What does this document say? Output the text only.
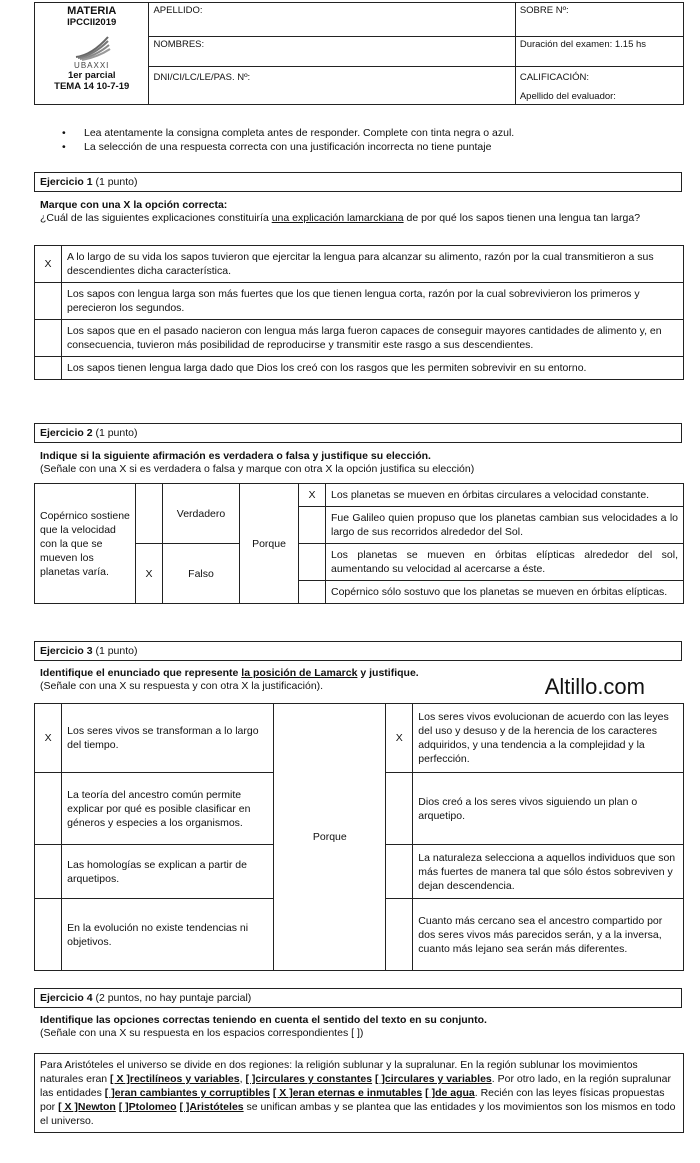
MATERIA
IPCCII2019
UBAXXI
1er parcial
TEMA 14 10-7-19	APELLIDO:	SOBRE Nº:
	NOMBRES:	Duración del examen: 1.15 hs
	DNI/CI/LC/LE/PAS. Nº:	CALIFICACIÓN:
Apellido del evaluador:
• Lea atentamente la consigna completa antes de responder. Complete con tinta negra o azul.
• La selección de una respuesta correcta con una justificación incorrecta no tiene puntaje
Ejercicio 1 (1 punto)
Marque con una X la opción correcta:
¿Cuál de las siguientes explicaciones constituiría una explicación lamarckiana de por qué los sapos tienen una lengua tan larga?
X	A lo largo de su vida los sapos tuvieron que ejercitar la lengua para alcanzar su alimento, razón por la cual transmitieron a sus descendientes dicha característica.
	Los sapos con lengua larga son más fuertes que los que tienen lengua corta, razón por la cual sobrevivieron los primeros y perecieron los segundos.
	Los sapos que en el pasado nacieron con lengua más larga fueron capaces de conseguir mayores cantidades de alimento y, en consecuencia, tuvieron más posibilidad de reproducirse y transmitir este rasgo a sus descendientes.
	Los sapos tienen lengua larga dado que Dios los creó con los rasgos que les permiten sobrevivir en su entorno.
Ejercicio 2 (1 punto)
Indique si la siguiente afirmación es verdadera o falsa y justifique su elección.
(Señale con una X si es verdadera o falsa y marque con otra X la opción justifica su elección)
Copérnico sostiene que la velocidad con la que se mueven los planetas varía.		Verdadero	Porque	X	Los planetas se mueven en órbitas circulares a velocidad constante.
					Fue Galileo quien propuso que los planetas cambian sus velocidades a lo largo de sus recorridos alrededor del Sol.
	X	Falso			Los planetas se mueven en órbitas elípticas alrededor del sol, aumentando su velocidad al acercarse a éste.
					Copérnico sólo sostuvo que los planetas se mueven en órbitas elípticas.
Ejercicio 3 (1 punto)
Identifique el enunciado que represente la posición de Lamarck y justifique.
(Señale con una X su respuesta y con otra X la justificación).	Altillo.com
X	Los seres vivos se transforman a lo largo del tiempo.	Porque	X	Los seres vivos evolucionan de acuerdo con las leyes del uso y desuso y de la herencia de los caracteres adquiridos, y una tendencia a la complejidad y la perfección.
	La teoría del ancestro común permite explicar por qué es posible clasificar en géneros y especies a los organismos.			Dios creó a los seres vivos siguiendo un plan o arquetipo.
	Las homologías se explican a partir de arquetipos.			La naturaleza selecciona a aquellos individuos que son más fuertes de manera tal que sólo éstos sobreviven y dejan descendencia.
	En la evolución no existe tendencias ni objetivos.			Cuanto más cercano sea el ancestro compartido por dos seres vivos más parecidos serán, y a la inversa, cuanto más lejano sea serán más diferentes.
Ejercicio 4 (2 puntos, no hay puntaje parcial)
Identifique las opciones correctas teniendo en cuenta el sentido del texto en su conjunto.
(Señale con una X su respuesta en los espacios correspondientes [ ])
Para Aristóteles el universo se divide en dos regiones: la religión sublunar y la supralunar. En la región sublunar los movimientos naturales eran [ X ]rectilíneos y variables, [ ]circulares y constantes [ ]circulares y variables. Por otro lado, en la región supralunar las entidades [ ]eran cambiantes y corruptibles [ X ]eran eternas e inmutables [ ]de agua. Recién con las leyes físicas propuestas por [ X ]Newton [ ]Ptolomeo [ ]Aristóteles se unifican ambas y se plantea que las entidades y los movimientos son los mismos en todo el universo.
